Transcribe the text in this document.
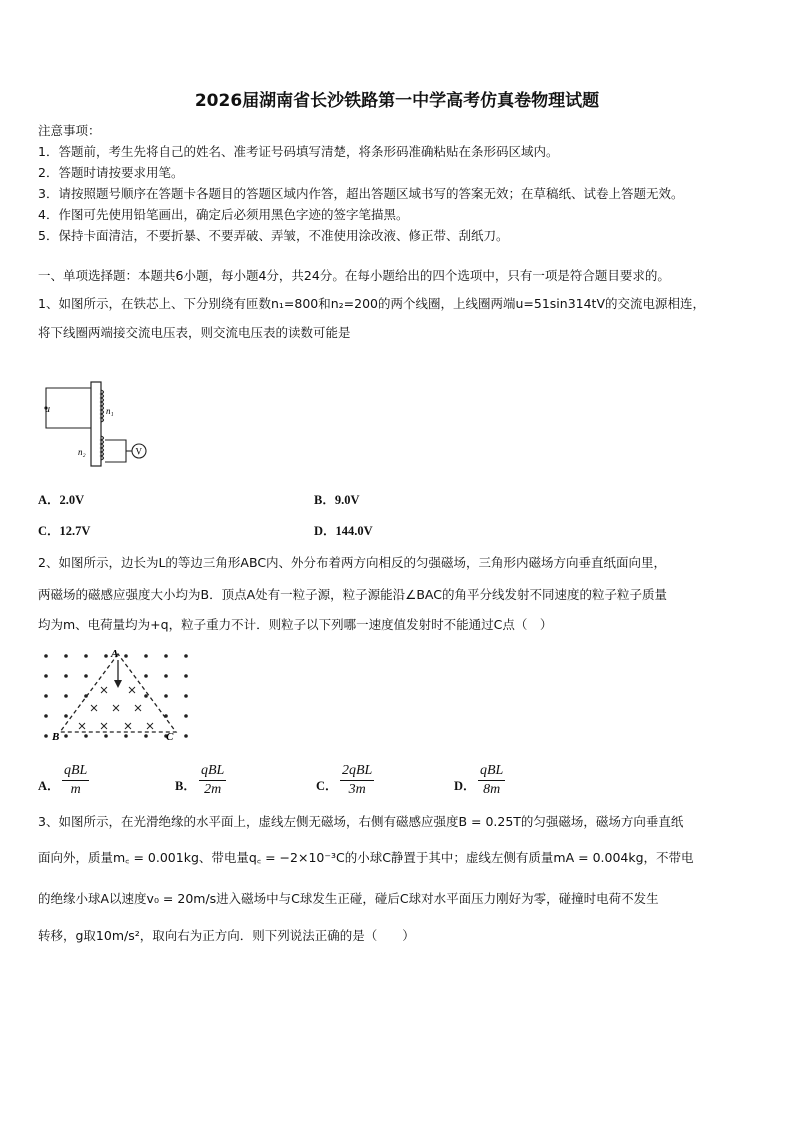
2026届湖南省长沙铁路第一中学高考仿真卷物理试题
注意事项：
1．答题前，考生先将自己的姓名、准考证号码填写清楚，将条形码准确粘贴在条形码区域内。
2．答题时请按要求用笔。
3．请按照题号顺序在答题卡各题目的答题区域内作答，超出答题区域书写的答案无效；在草稿纸、试卷上答题无效。
4．作图可先使用铅笔画出，确定后必须用黑色字迹的签字笔描黑。
5．保持卡面清洁，不要折暴、不要弄破、弄皱，不准使用涂改液、修正带、刮纸刀。
一、单项选择题：本题共6小题，每小题4分，共24分。在每小题给出的四个选项中，只有一项是符合题目要求的。
1、如图所示，在铁芯上、下分别绕有匝数n₁=800和n₂=200的两个线圈，上线圈两端u=51sin314tV的交流电源相连，
将下线圈两端接交流电压表，则交流电压表的读数可能是
u	n₁
n₂	V
A．2.0V	B．9.0V
C．12.7V	D．144.0V
2、如图所示，边长为L的等边三角形ABC内、外分布着两方向相反的匀强磁场，三角形内磁场方向垂直纸面向里，
两磁场的磁感应强度大小均为B．顶点A处有一粒子源，粒子源能沿∠BAC的角平分线发射不同速度的粒子粒子质量
均为m、电荷量均为+q，粒子重力不计．则粒子以下列哪一速度值发射时不能通过C点（　）
A
B	C
A．
qBL
m	B．
qBL
2m	C．
2qBL
3m	D．
qBL
8m
3、如图所示，在光滑绝缘的水平面上，虚线左侧无磁场，右侧有磁感应强度B = 0.25T的匀强磁场，磁场方向垂直纸
面向外，质量m꜀ = 0.001kg、带电量q꜀ = −2×10⁻³C的小球C静置于其中；虚线左侧有质量mA = 0.004kg，不带电
的绝缘小球A以速度v₀ = 20m/s进入磁场中与C球发生正碰，碰后C球对水平面压力刚好为零，碰撞时电荷不发生
转移，g取10m/s²，取向右为正方向．则下列说法正确的是（　　）
